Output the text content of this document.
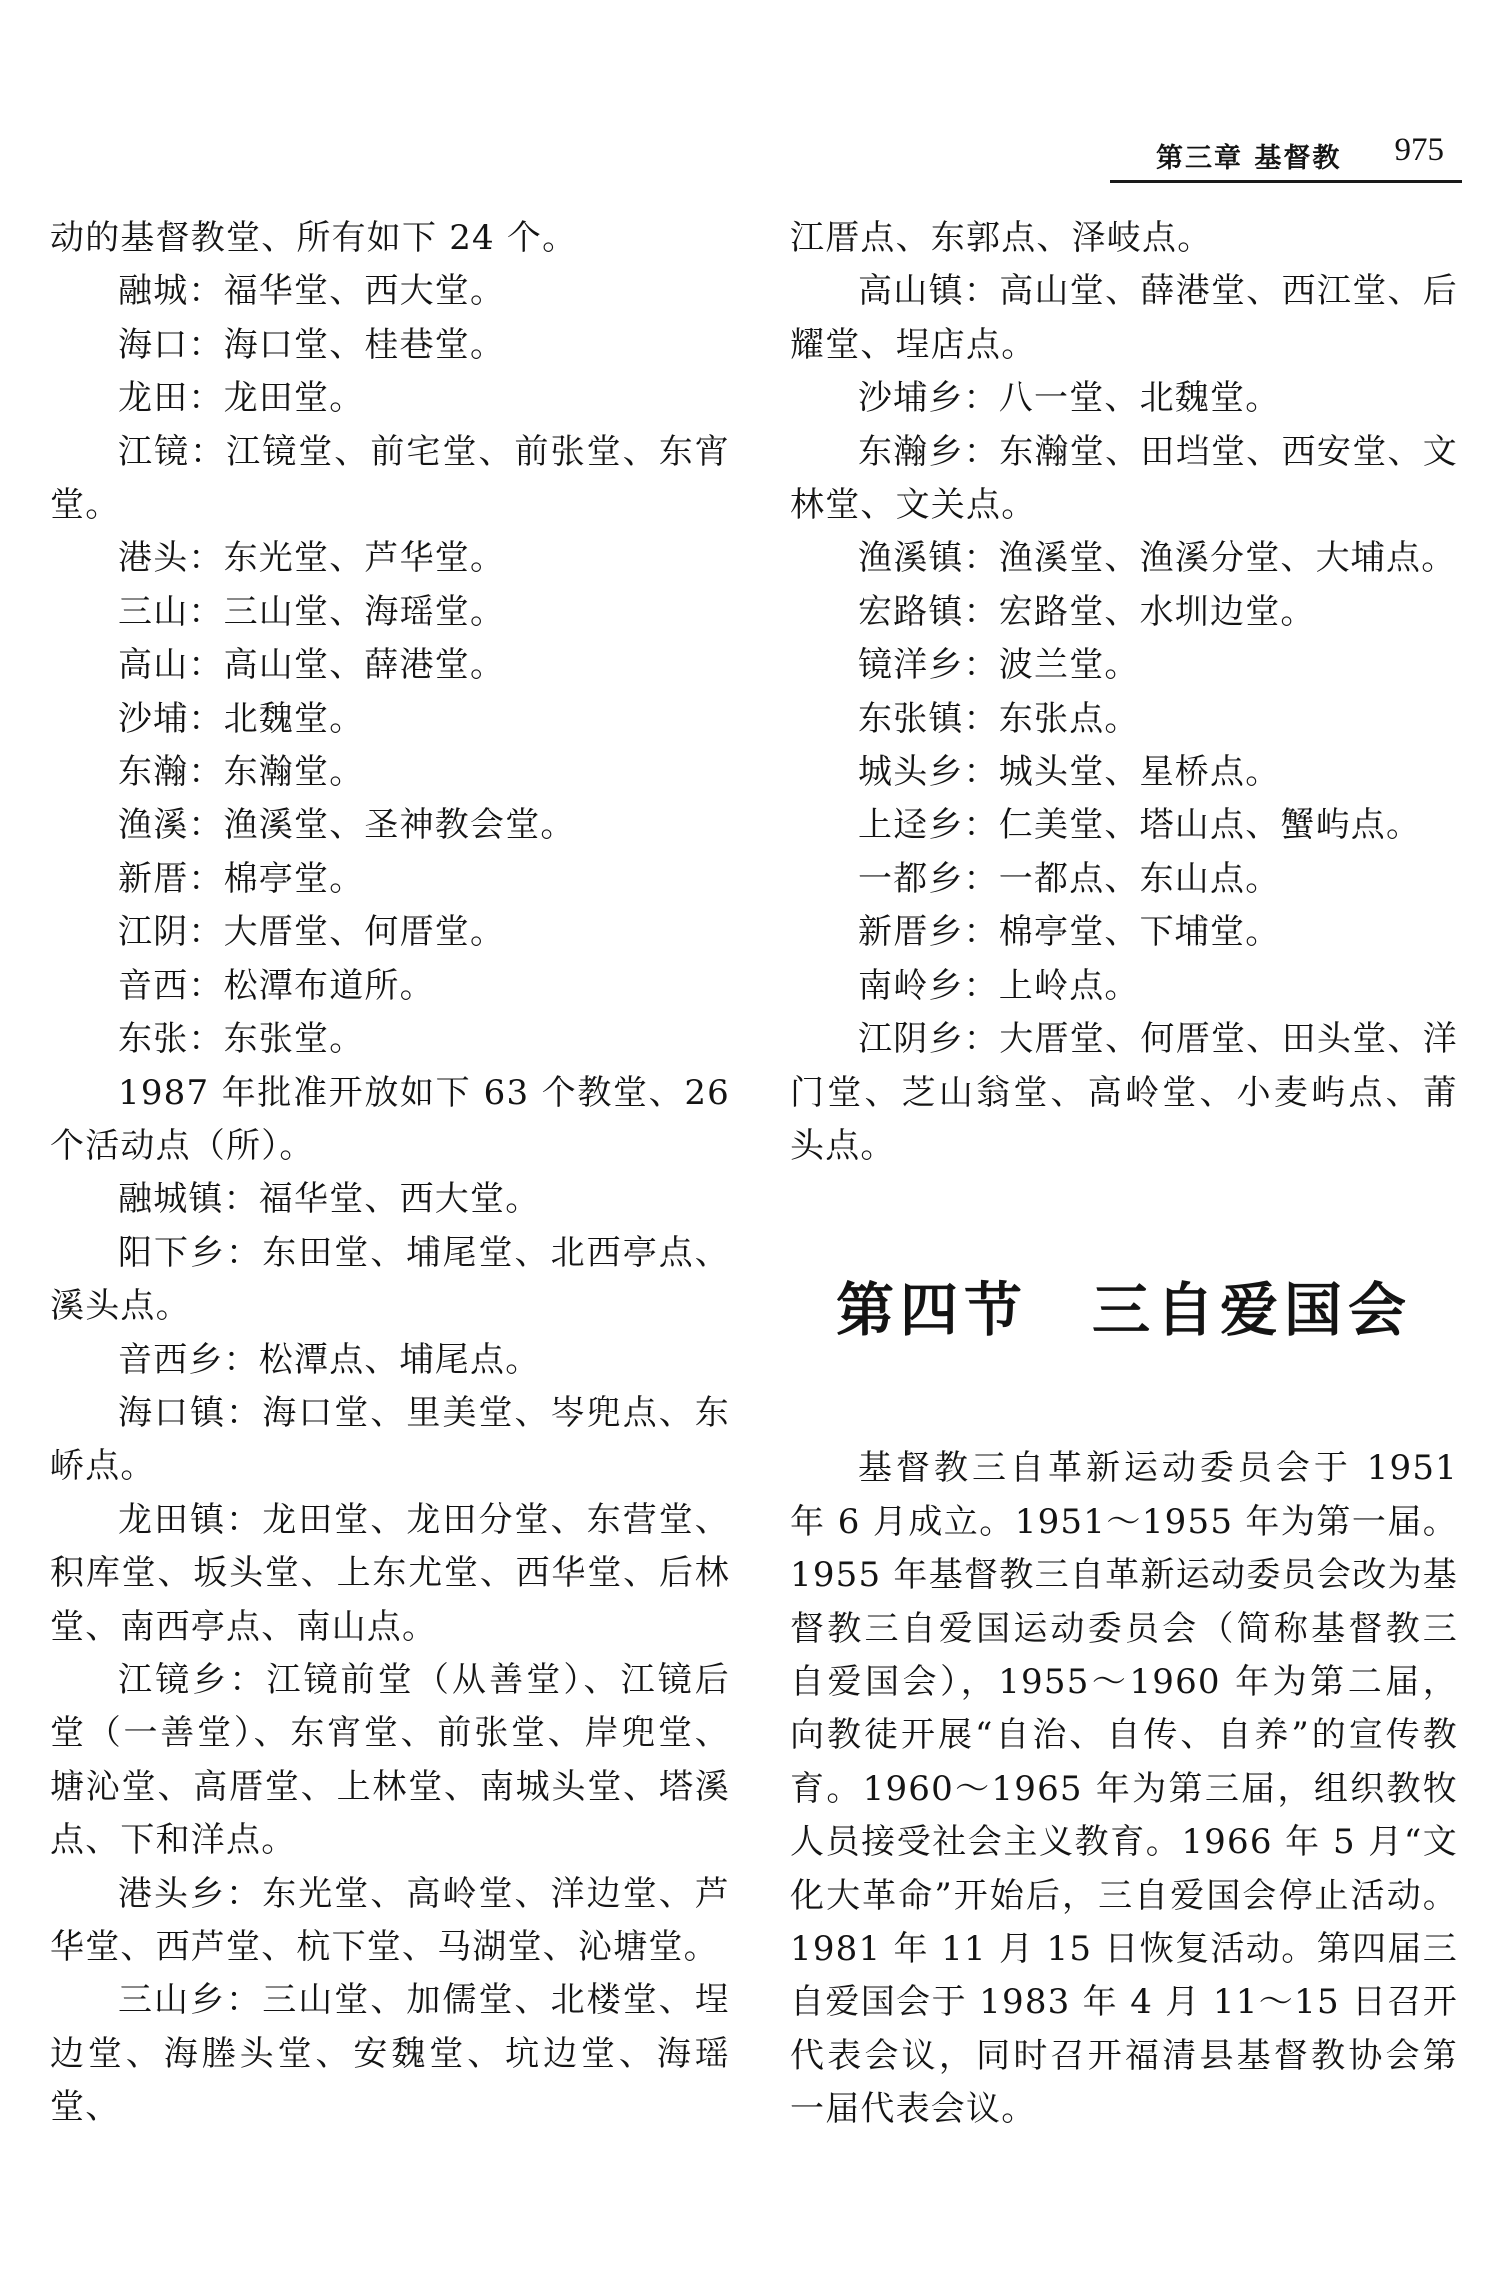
第三章 基督教 975

动的基督教堂、所有如下 24 个。

融城：福华堂、西大堂。

海口：海口堂、桂巷堂。

龙田：龙田堂。

江镜：江镜堂、前宅堂、前张堂、东宵堂。

港头：东光堂、芦华堂。

三山：三山堂、海瑶堂。

高山：高山堂、薛港堂。

沙埔：北魏堂。

东瀚：东瀚堂。

渔溪：渔溪堂、圣神教会堂。

新厝：棉亭堂。

江阴：大厝堂、何厝堂。

音西：松潭布道所。

东张：东张堂。

1987 年批准开放如下 63 个教堂、26 个活动点（所）。

融城镇：福华堂、西大堂。

阳下乡：东田堂、埔尾堂、北西亭点、溪头点。

音西乡：松潭点、埔尾点。

海口镇：海口堂、里美堂、岑兜点、东峤点。

龙田镇：龙田堂、龙田分堂、东营堂、积库堂、坂头堂、上东尤堂、西华堂、后林堂、南西亭点、南山点。

江镜乡：江镜前堂（从善堂）、江镜后堂（一善堂）、东宵堂、前张堂、岸兜堂、塘沁堂、高厝堂、上林堂、南城头堂、塔溪点、下和洋点。

港头乡：东光堂、高岭堂、洋边堂、芦华堂、西芦堂、杭下堂、马湖堂、沁塘堂。

三山乡：三山堂、加儒堂、北楼堂、埕边堂、海塍头堂、安魏堂、坑边堂、海瑶堂、

江厝点、东郭点、泽岐点。

高山镇：高山堂、薛港堂、西江堂、后耀堂、埕店点。

沙埔乡：八一堂、北魏堂。

东瀚乡：东瀚堂、田垱堂、西安堂、文林堂、文关点。

渔溪镇：渔溪堂、渔溪分堂、大埔点。

宏路镇：宏路堂、水圳边堂。

镜洋乡：波兰堂。

东张镇：东张点。

城头乡：城头堂、星桥点。

上迳乡：仁美堂、塔山点、蟹屿点。

一都乡：一都点、东山点。

新厝乡：棉亭堂、下埔堂。

南岭乡：上岭点。

江阴乡：大厝堂、何厝堂、田头堂、洋门堂、芝山翁堂、高岭堂、小麦屿点、莆头点。

第四节　三自爱国会

基督教三自革新运动委员会于 1951 年 6 月成立。1951～1955 年为第一届。1955 年基督教三自革新运动委员会改为基督教三自爱国运动委员会（简称基督教三自爱国会），1955～1960 年为第二届，向教徒开展“自治、自传、自养”的宣传教育。1960～1965 年为第三届，组织教牧人员接受社会主义教育。1966 年 5 月“文化大革命”开始后，三自爱国会停止活动。1981 年 11 月 15 日恢复活动。第四届三自爱国会于 1983 年 4 月 11～15 日召开代表会议，同时召开福清县基督教协会第一届代表会议。
